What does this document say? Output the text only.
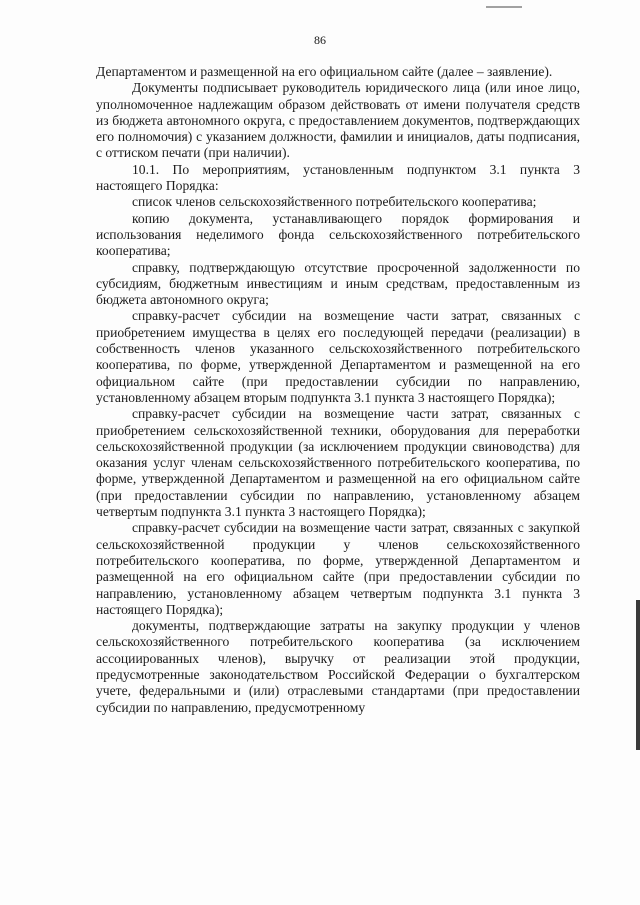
86

Департаментом и размещенной на его официальном сайте (далее – заявление).

Документы подписывает руководитель юридического лица (или иное лицо, уполномоченное надлежащим образом действовать от имени получателя средств из бюджета автономного округа, с предоставлением документов, подтверждающих его полномочия) с указанием должности, фамилии и инициалов, даты подписания, с оттиском печати (при наличии).

10.1. По мероприятиям, установленным подпунктом 3.1 пункта 3 настоящего Порядка:

список членов сельскохозяйственного потребительского кооператива;

копию документа, устанавливающего порядок формирования и использования неделимого фонда сельскохозяйственного потребительского кооператива;

справку, подтверждающую отсутствие просроченной задолженности по субсидиям, бюджетным инвестициям и иным средствам, предоставленным из бюджета автономного округа;

справку-расчет субсидии на возмещение части затрат, связанных с приобретением имущества в целях его последующей передачи (реализации) в собственность членов указанного сельскохозяйственного потребительского кооператива, по форме, утвержденной Департаментом и размещенной на его официальном сайте (при предоставлении субсидии по направлению, установленному абзацем вторым подпункта 3.1 пункта 3 настоящего Порядка);

справку-расчет субсидии на возмещение части затрат, связанных с приобретением сельскохозяйственной техники, оборудования для переработки сельскохозяйственной продукции (за исключением продукции свиноводства) для оказания услуг членам сельскохозяйственного потребительского кооператива, по форме, утвержденной Департаментом и размещенной на его официальном сайте (при предоставлении субсидии по направлению, установленному абзацем четвертым подпункта 3.1 пункта 3 настоящего Порядка);

справку-расчет субсидии на возмещение части затрат, связанных с закупкой сельскохозяйственной продукции у членов сельскохозяйственного потребительского кооператива, по форме, утвержденной Департаментом и размещенной на его официальном сайте (при предоставлении субсидии по направлению, установленному абзацем четвертым подпункта 3.1 пункта 3 настоящего Порядка);

документы, подтверждающие затраты на закупку продукции у членов сельскохозяйственного потребительского кооператива (за исключением ассоциированных членов), выручку от реализации этой продукции, предусмотренные законодательством Российской Федерации о бухгалтерском учете, федеральными и (или) отраслевыми стандартами (при предоставлении субсидии по направлению, предусмотренному
